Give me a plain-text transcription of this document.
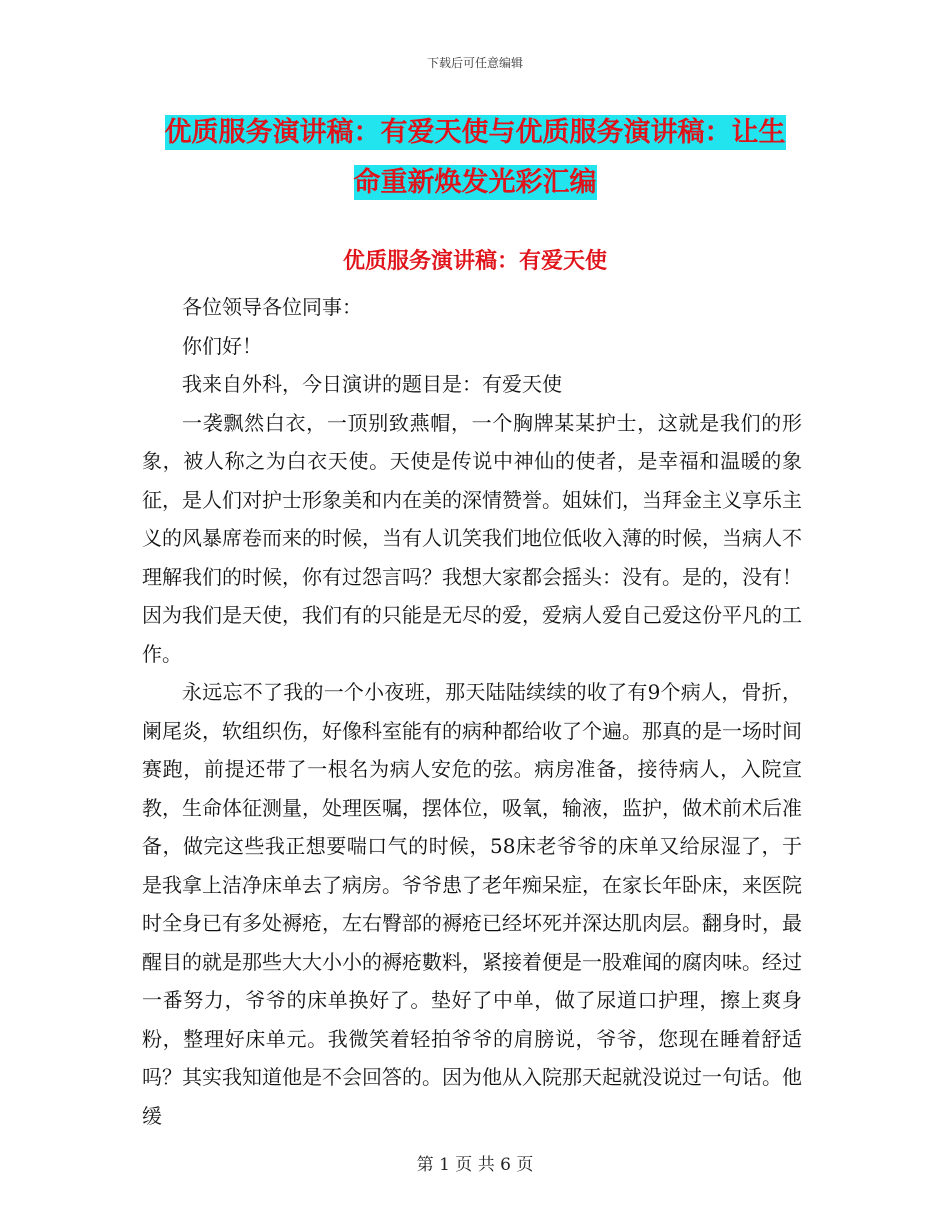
下载后可任意编辑
优质服务演讲稿：有爱天使与优质服务演讲稿：让生
命重新焕发光彩汇编
优质服务演讲稿：有爱天使

各位领导各位同事：

你们好！

我来自外科，今日演讲的题目是：有爱天使

一袭飘然白衣，一顶别致燕帽，一个胸牌某某护士，这就是我们的形象，被人称之为白衣天使。天使是传说中神仙的使者，是幸福和温暖的象征，是人们对护士形象美和内在美的深情赞誉。姐妹们，当拜金主义享乐主义的风暴席卷而来的时候，当有人讥笑我们地位低收入薄的时候，当病人不理解我们的时候，你有过怨言吗？我想大家都会摇头：没有。是的，没有！因为我们是天使，我们有的只能是无尽的爱，爱病人爱自己爱这份平凡的工作。

永远忘不了我的一个小夜班，那天陆陆续续的收了有9个病人，骨折，阑尾炎，软组织伤，好像科室能有的病种都给收了个遍。那真的是一场时间赛跑，前提还带了一根名为病人安危的弦。病房准备，接待病人，入院宣教，生命体征测量，处理医嘱，摆体位，吸氧，输液，监护，做术前术后准备，做完这些我正想要喘口气的时候，58床老爷爷的床单又给尿湿了，于是我拿上洁净床单去了病房。爷爷患了老年痴呆症，在家长年卧床，来医院时全身已有多处褥疮，左右臀部的褥疮已经坏死并深达肌肉层。翻身时，最醒目的就是那些大大小小的褥疮數料，紧接着便是一股难闻的腐肉味。经过一番努力，爷爷的床单换好了。垫好了中单，做了尿道口护理，擦上爽身粉，整理好床单元。我微笑着轻拍爷爷的肩膀说，爷爷，您现在睡着舒适吗？其实我知道他是不会回答的。因为他从入院那天起就没说过一句话。他缓

第 1 页 共 6 页
